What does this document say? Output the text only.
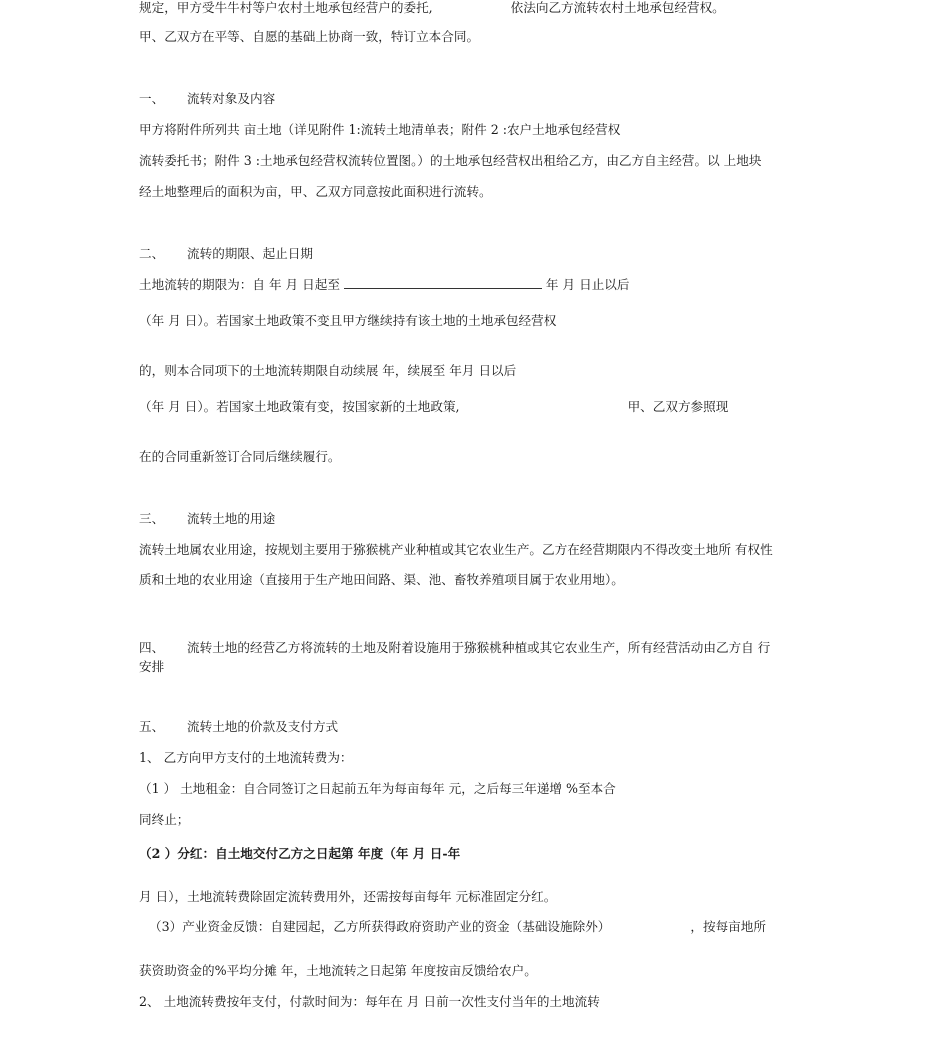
规定，甲方受牛牛村等户农村土地承包经营户的委托,	依法向乙方流转农村土地承包经营权。
甲、乙双方在平等、自愿的基础上协商一致，特订立本合同。
一、 流转对象及内容
甲方将附件所列共 亩土地（详见附件 1:流转土地清单表；附件 2 :农户土地承包经营权
流转委托书；附件 3 :土地承包经营权流转位置图。）的土地承包经营权出租给乙方，由乙方自主经营。以 上地块
经土地整理后的面积为亩，甲、乙双方同意按此面积进行流转。
二、 流转的期限、起止日期
土地流转的期限为：自 年 月 日起至	年 月 日止以后
（年 月 日）。若国家土地政策不变且甲方继续持有该土地的土地承包经营权
的，则本合同项下的土地流转期限自动续展 年，续展至 年月 日以后
（年 月 日）。若国家土地政策有变，按国家新的土地政策,	甲、乙双方参照现
在的合同重新签订合同后继续履行。
三、 流转土地的用途
流转土地属农业用途，按规划主要用于猕猴桃产业种植或其它农业生产。乙方在经营期限内不得改变土地所 有权性
质和土地的农业用途（直接用于生产地田间路、渠、池、畜牧养殖项目属于农业用地）。
四、 流转土地的经营乙方将流转的土地及附着设施用于猕猴桃种植或其它农业生产，所有经营活动由乙方自 行
安排
五、 流转土地的价款及支付方式
1、 乙方向甲方支付的土地流转费为：
（1 ） 土地租金：自合同签订之日起前五年为每亩每年 元，之后每三年递增 %至本合
同终止；
（2 ）分红：自土地交付乙方之日起第 年度（年 月 日-年
月 日），土地流转费除固定流转费用外，还需按每亩每年 元标准固定分红。
（3）产业资金反馈：自建园起，乙方所获得政府资助产业的资金（基础设施除外）	，按每亩地所
获资助资金的%平均分摊 年，土地流转之日起第 年度按亩反馈给农户。
2、 土地流转费按年支付，付款时间为：每年在 月 日前一次性支付当年的土地流转
